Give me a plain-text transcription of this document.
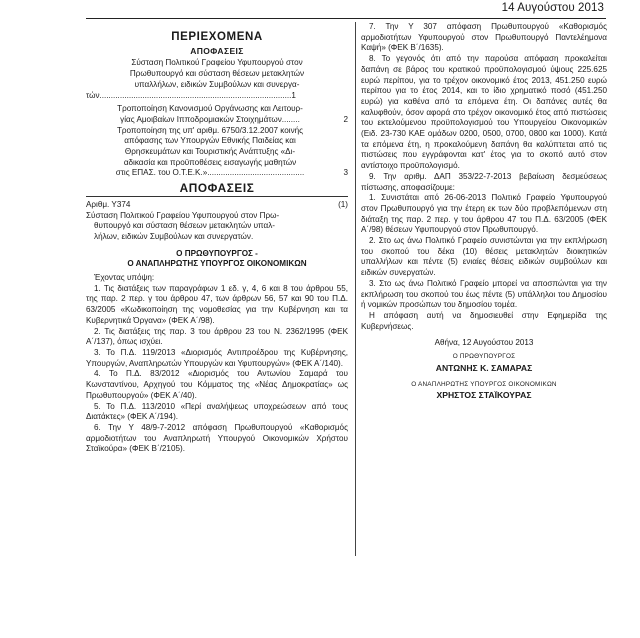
14 Αυγούστου 2013
ΠΕΡΙΕΧΟΜΕΝΑ
ΑΠΟΦΑΣΕΙΣ
Σύσταση Πολιτικού Γραφείου Υφυπουργού στον
Πρωθυπουργό και σύσταση θέσεων μετακλητών
υπαλλήλων, ειδικών Συμβούλων και συνεργα-
τών.....................................................................................1
Τροποποίηση Κανονισμού Οργάνωσης και Λειτουρ-
γίας Αμοιβαίων Ιπποδρομιακών Στοιχημάτων........	2
Τροποποίηση της υπ' αριθμ. 6750/3.12.2007 κοινής
απόφασης των Υπουργών Εθνικής Παιδείας και
Θρησκευμάτων και Τουριστικής Ανάπτυξης «Δι-
αδικασία και προϋποθέσεις εισαγωγής μαθητών
στις ΕΠΑΣ. του Ο.Τ.Ε.Κ.»...........................................	3
ΑΠΟΦΑΣΕΙΣ
Αριθμ. Υ374	(1)
Σύσταση Πολιτικού Γραφείου Υφυπουργού στον Πρω-
θυπουργό και σύσταση θέσεων μετακλητών υπαλ-
λήλων, ειδικών Συμβούλων και συνεργατών.
Ο ΠΡΩΘΥΠΟΥΡΓΟΣ -
Ο ΑΝΑΠΛΗΡΩΤΗΣ ΥΠΟΥΡΓΟΣ ΟΙΚΟΝΟΜΙΚΩΝ

Έχοντας υπόψη:

1. Τις διατάξεις των παραγράφων 1 εδ. γ, 4, 6 και 8 του άρθρου 55, της παρ. 2 περ. γ του άρθρου 47, των άρθρων 56, 57 και 90 του Π.Δ. 63/2005 «Κωδικοποίηση της νομοθεσίας για την Κυβέρνηση και τα Κυβερνητικά Όργανα» (ΦΕΚ Α΄/98).

2. Τις διατάξεις της παρ. 3 του άρθρου 23 του Ν. 2362/1995 (ΦΕΚ Α΄/137), όπως ισχύει.

3. Το Π.Δ. 119/2013 «Διορισμός Αντιπροέδρου της Κυβέρνησης, Υπουργών, Αναπληρωτών Υπουργών και Υφυπουργών» (ΦΕΚ Α΄/140).

4. Το Π.Δ. 83/2012 «Διορισμός του Αντωνίου Σαμαρά του Κωνσταντίνου, Αρχηγού του Κόμματος της «Νέας Δημοκρατίας» ως Πρωθυπουργού» (ΦΕΚ Α΄/40).

5. Το Π.Δ. 113/2010 «Περί αναλήψεως υποχρεώσεων από τους Διατάκτες» (ΦΕΚ Α΄/194).

6. Την Υ 48/9-7-2012 απόφαση Πρωθυπουργού «Καθορισμός αρμοδιοτήτων του Αναπληρωτή Υπουργού Οικονομικών Χρήστου Σταϊκούρα» (ΦΕΚ Β΄/2105).

7. Την Υ 307 απόφαση Πρωθυπουργού «Καθορισμός αρμοδιοτήτων Υφυπουργού στον Πρωθυπουργό Παντελέημονα Καψή» (ΦΕΚ Β΄/1635).

8. Το γεγονός ότι από την παρούσα απόφαση προκαλείται δαπάνη σε βάρος του κρατικού προϋπολογισμού ύψους 225.625 ευρώ περίπου, για το τρέχον οικονομικό έτος 2013, 451.250 ευρώ περίπου για το έτος 2014, και το ίδιο χρηματικό ποσό (451.250 ευρώ) για καθένα από τα επόμενα έτη. Οι δαπάνες αυτές θα καλυφθούν, όσον αφορά στο τρέχον οικονομικό έτος από πιστώσεις του εκτελούμενου προϋπολογισμού του Υπουργείου Οικονομικών (Ειδ. 23-730 ΚΑΕ ομάδων 0200, 0500, 0700, 0800 και 1000). Κατά τα επόμενα έτη, η προκαλούμενη δαπάνη θα καλύπτεται από τις πιστώσεις που εγγράφονται κατ' έτος για το σκοπό αυτό στον αντίστοιχο προϋπολογισμό.

9. Την αριθμ. ΔΑΠ 353/22-7-2013 βεβαίωση δεσμεύσεως πίστωσης, αποφασίζουμε:

1. Συνιστάται από 26-06-2013 Πολιτικό Γραφείο Υφυπουργού στον Πρωθυπουργό για την έτερη εκ των δύο προβλεπόμενων στη διάταξη της παρ. 2 περ. γ του άρθρου 47 του Π.Δ. 63/2005 (ΦΕΚ Α΄/98) θέσεων Υφυπουργού στον Πρωθυπουργό.

2. Στο ως άνω Πολιτικό Γραφείο συνιστώνται για την εκπλήρωση του σκοπού του δέκα (10) θέσεις μετακλητών διοικητικών υπαλλήλων και πέντε (5) ενιαίες θέσεις ειδικών συμβούλων και ειδικών συνεργατών.

3. Στο ως άνω Πολιτικό Γραφείο μπορεί να αποσπώνται για την εκπλήρωση του σκοπού του έως πέντε (5) υπάλληλοι του Δημοσίου ή νομικών προσώπων του δημοσίου τομέα.

Η απόφαση αυτή να δημοσιευθεί στην Εφημερίδα της Κυβερνήσεως.

Αθήνα, 12 Αυγούστου 2013
Ο ΠΡΩΘΥΠΟΥΡΓΟΣ
ΑΝΤΩΝΗΣ Κ. ΣΑΜΑΡΑΣ
Ο ΑΝΑΠΛΗΡΩΤΗΣ ΥΠΟΥΡΓΟΣ ΟΙΚΟΝΟΜΙΚΩΝ
ΧΡΗΣΤΟΣ ΣΤΑΪΚΟΥΡΑΣ
